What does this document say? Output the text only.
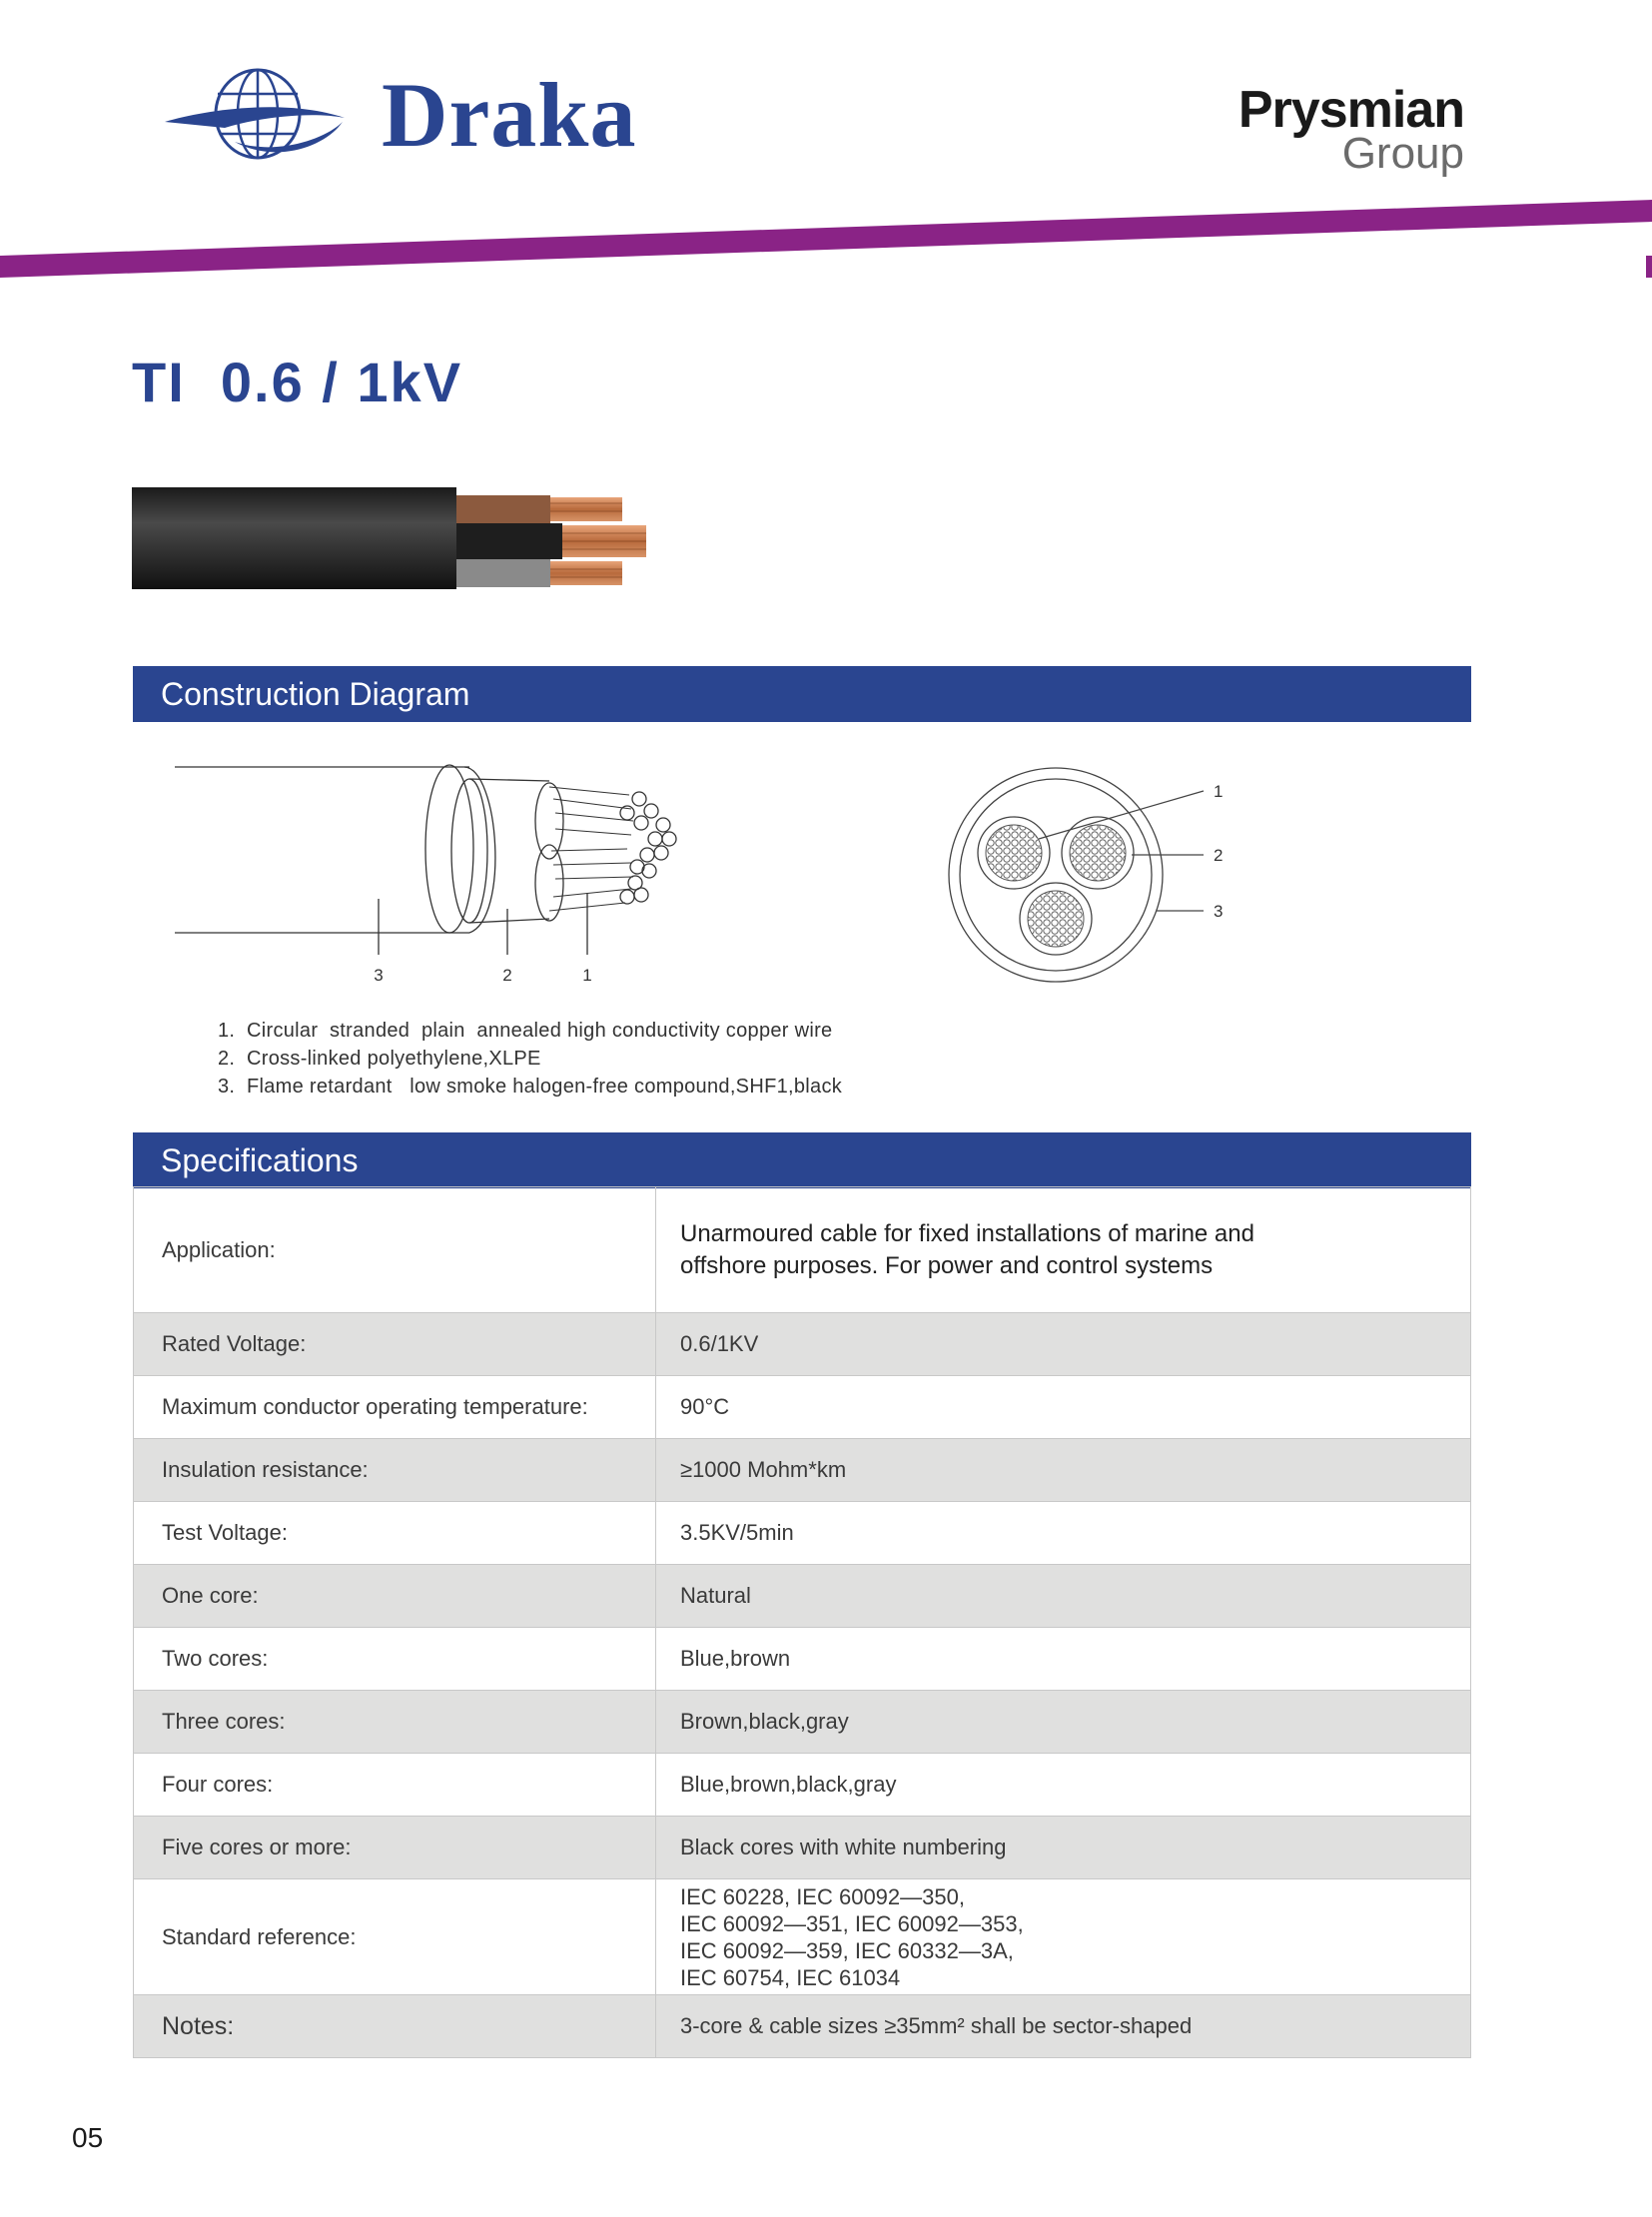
Draka	Prysmian
Group
TI  0.6 / 1kV
Construction Diagram
3	2	1
1
2
3
1.  Circular  stranded  plain  annealed high conductivity copper wire
2.  Cross-linked polyethylene,XLPE
3.  Flame retardant   low smoke halogen-free compound,SHF1,black
Specifications
Application:	Unarmoured cable for fixed installations of marine and
offshore purposes. For power and control systems
Rated Voltage:	0.6/1KV
Maximum conductor operating temperature:	90°C
Insulation resistance:	≥1000 Mohm*km
Test Voltage:	3.5KV/5min
One core:	Natural
Two cores:	Blue,brown
Three cores:	Brown,black,gray
Four cores:	Blue,brown,black,gray
Five cores or more:	Black cores with white numbering
Standard reference:	IEC 60228, IEC 60092—350,
IEC 60092—351, IEC 60092—353,
IEC 60092—359, IEC 60332—3A,
IEC 60754, IEC 61034
Notes:	3-core & cable sizes ≥35mm² shall be sector-shaped
05
